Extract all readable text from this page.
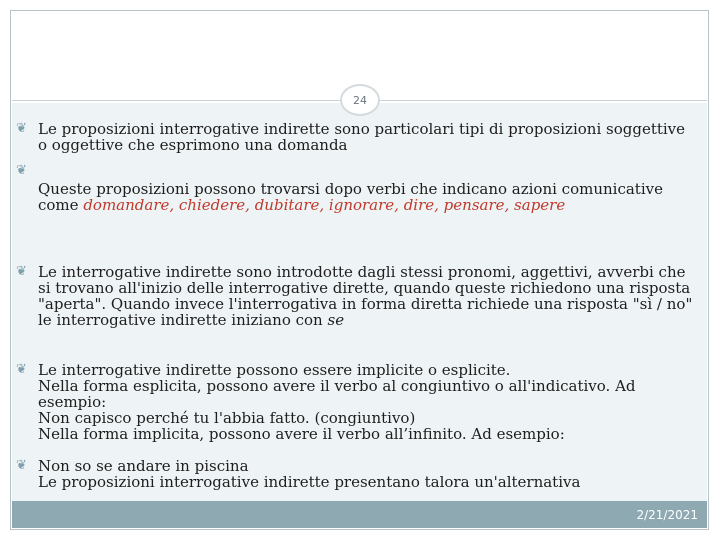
24
❦ Le proposizioni interrogative indirette sono particolari tipi di proposizioni soggettive o oggettive che esprimono una domanda
❦
Queste proposizioni possono trovarsi dopo verbi che indicano azioni comunicative come domandare, chiedere, dubitare, ignorare, dire, pensare, sapere
❦ Le interrogative indirette sono introdotte dagli stessi pronomi, aggettivi, avverbi che si trovano all'inizio delle interrogative dirette, quando queste richiedono una risposta "aperta". Quando invece l'interrogativa in forma diretta richiede una risposta "sì / no" le interrogative indirette iniziano con se
❦ Le interrogative indirette possono essere implicite o esplicite.
Nella forma esplicita, possono avere il verbo al congiuntivo o all'indicativo. Ad esempio:
Non capisco perché tu l'abbia fatto. (congiuntivo)
Nella forma implicita, possono avere il verbo all’infinito. Ad esempio:
❦ Non so se andare in piscina
Le proposizioni interrogative indirette presentano talora un'alternativa
2/21/2021
